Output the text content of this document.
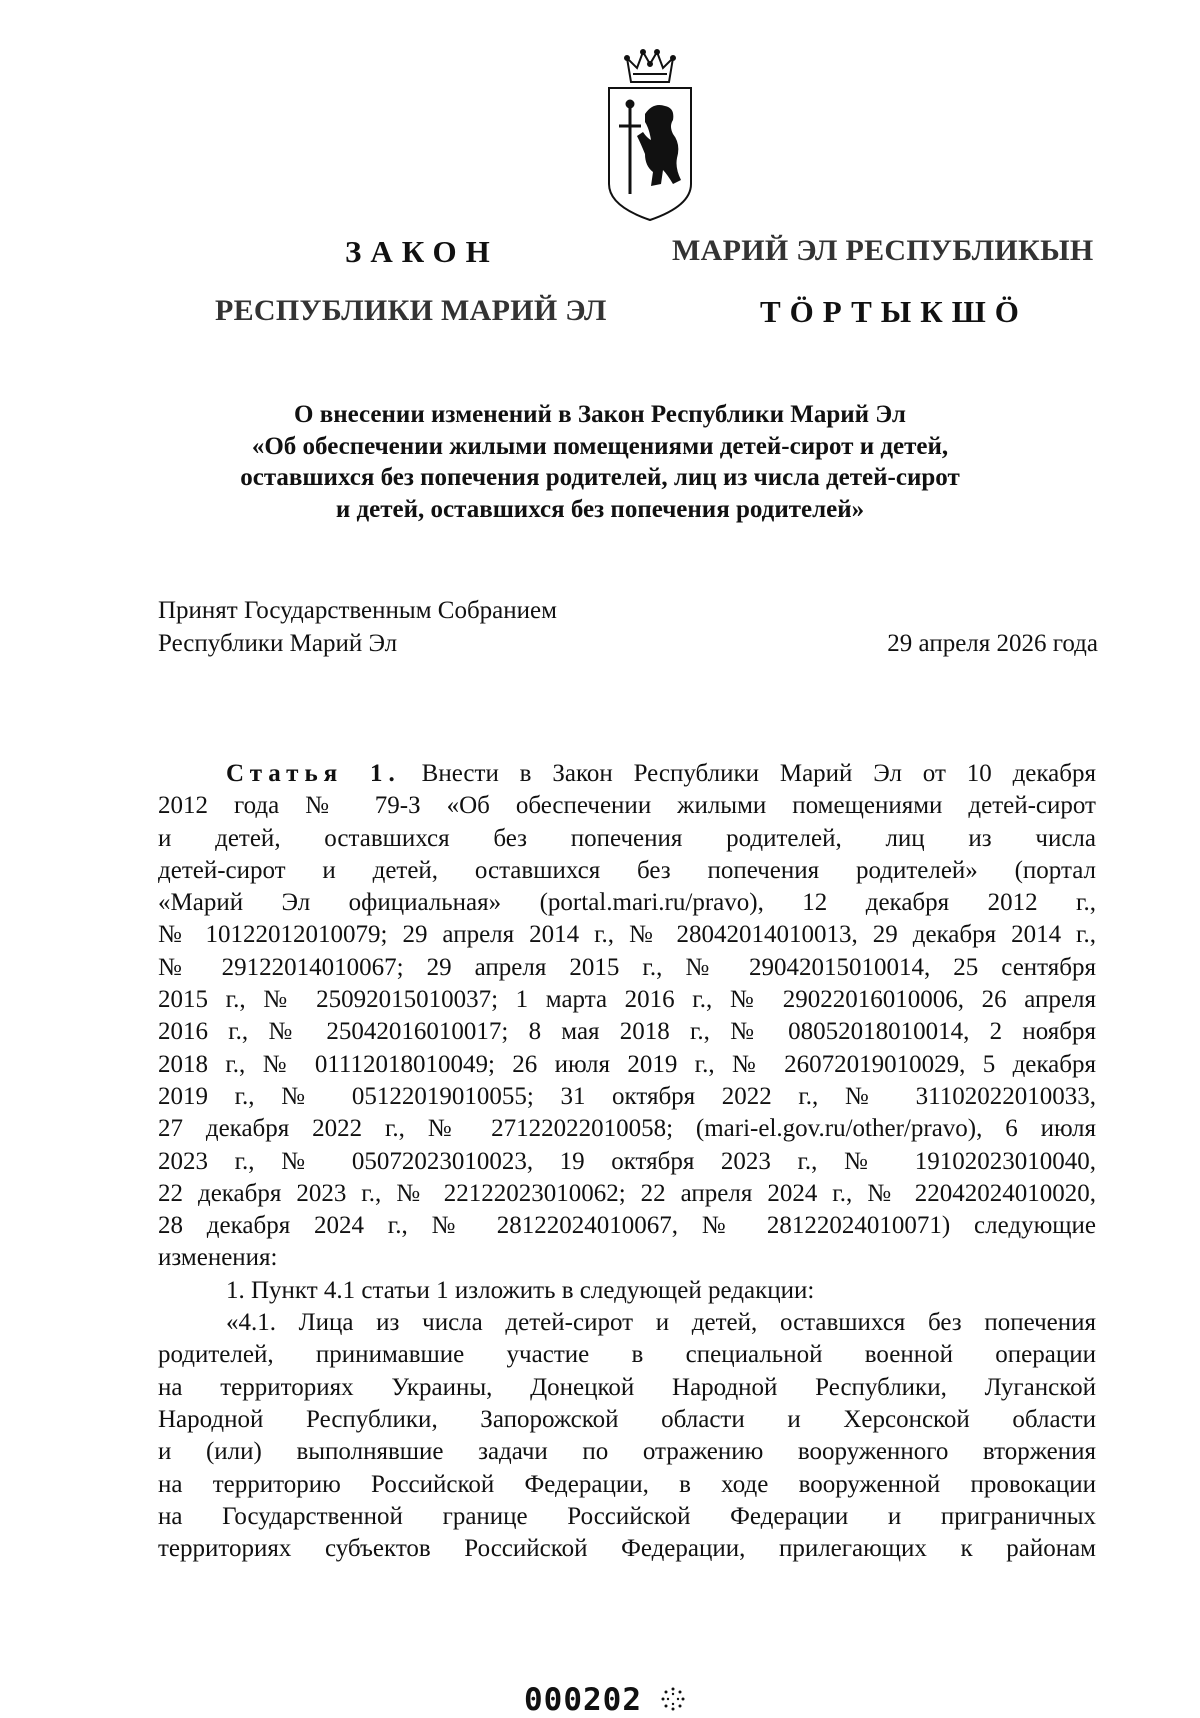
ЗАКОН
РЕСПУБЛИКИ МАРИЙ ЭЛ
МАРИЙ ЭЛ РЕСПУБЛИКЫН
ТӦРТЫКШӦ
О внесении изменений в Закон Республики Марий Эл
«Об обеспечении жилыми помещениями детей-сирот и детей,
оставшихся без попечения родителей, лиц из числа детей-сирот
и детей, оставшихся без попечения родителей»
Принят Государственным Собранием
Республики Марий Эл	29 апреля 2026 года
Статья 1. Внести в Закон Республики Марий Эл от 10 декабря
2012 года № 79-З «Об обеспечении жилыми помещениями детей-сирот
и детей, оставшихся без попечения родителей, лиц из числа
детей-сирот и детей, оставшихся без попечения родителей» (портал
«Марий Эл официальная» (portal.mari.ru/pravo), 12 декабря 2012 г.,
№ 10122012010079; 29 апреля 2014 г., № 28042014010013, 29 декабря 2014 г.,
№ 29122014010067; 29 апреля 2015 г., № 29042015010014, 25 сентября
2015 г., № 25092015010037; 1 марта 2016 г., № 29022016010006, 26 апреля
2016 г., № 25042016010017; 8 мая 2018 г., № 08052018010014, 2 ноября
2018 г., № 01112018010049; 26 июля 2019 г., № 26072019010029, 5 декабря
2019 г., № 05122019010055; 31 октября 2022 г., № 31102022010033,
27 декабря 2022 г., № 27122022010058; (mari-el.gov.ru/other/pravo), 6 июля
2023 г., № 05072023010023, 19 октября 2023 г., № 19102023010040,
22 декабря 2023 г., № 22122023010062; 22 апреля 2024 г., № 22042024010020,
28 декабря 2024 г., № 28122024010067, № 28122024010071) следующие
изменения:
1. Пункт 4.1 статьи 1 изложить в следующей редакции:
«4.1. Лица из числа детей-сирот и детей, оставшихся без попечения
родителей, принимавшие участие в специальной военной операции
на территориях Украины, Донецкой Народной Республики, Луганской
Народной Республики, Запорожской области и Херсонской области
и (или) выполнявшие задачи по отражению вооруженного вторжения
на территорию Российской Федерации, в ходе вооруженной провокации
на Государственной границе Российской Федерации и приграничных
территориях субъектов Российской Федерации, прилегающих к районам
000202
